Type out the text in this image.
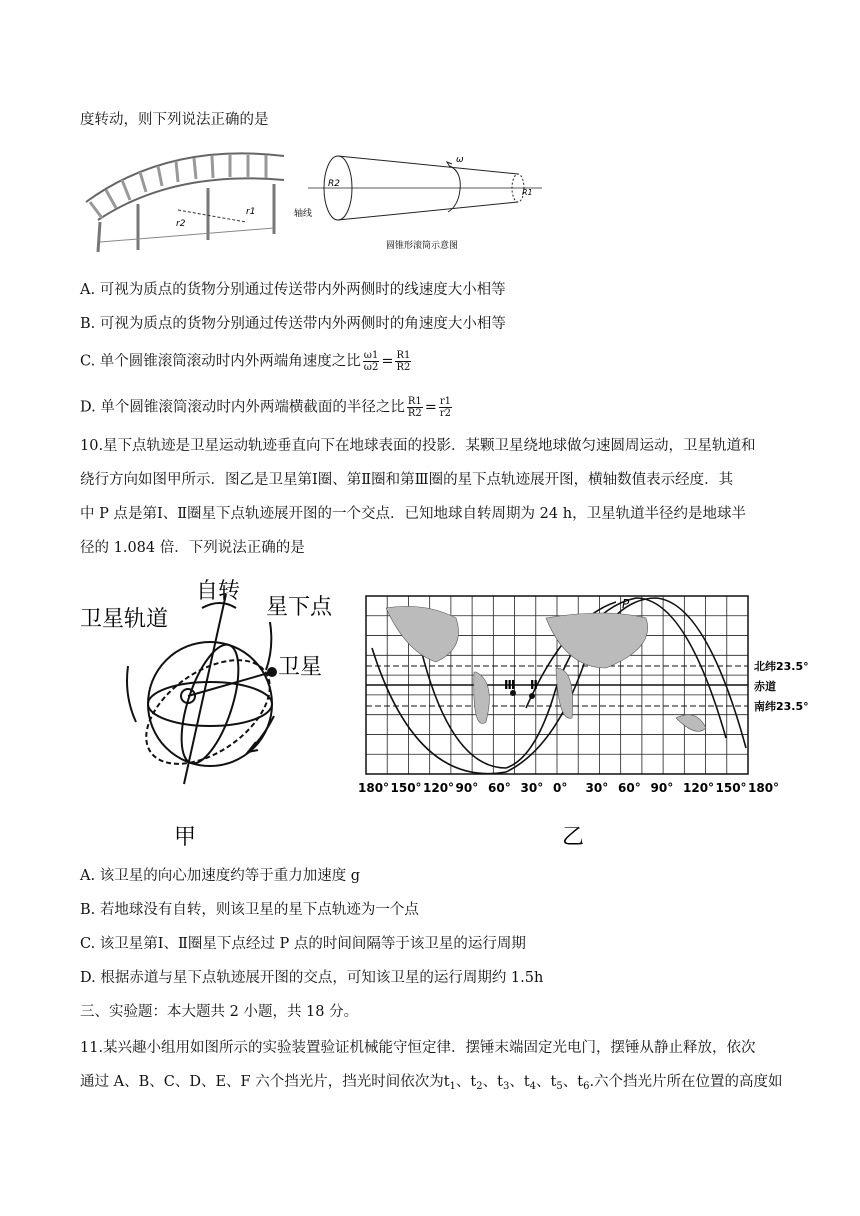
度转动，则下列说法正确的是
r2
r1
R2
R1
ω
轴线
圆锥形滚筒示意图
A. 可视为质点的货物分别通过传送带内外两侧时的线速度大小相等
B. 可视为质点的货物分别通过传送带内外两侧时的角速度大小相等
C. 单个圆锥滚筒滚动时内外两端角速度之比 $\frac{\omega 1}{\omega 2} = \frac{R1}{R2}$
D. 单个圆锥滚筒滚动时内外两端横截面的半径之比 $\frac{R1}{R2} = \frac{r1}{r2}$
10.星下点轨迹是卫星运动轨迹垂直向下在地球表面的投影．某颗卫星绕地球做匀速圆周运动，卫星轨道和
绕行方向如图甲所示．图乙是卫星第Ⅰ圈、第Ⅱ圈和第Ⅲ圈的星下点轨迹展开图，横轴数值表示经度．其
中 P 点是第Ⅰ、Ⅱ圈星下点轨迹展开图的一个交点．已知地球自转周期为 24 h，卫星轨道半径约是地球半
径的 1.084 倍．下列说法正确的是
自转
星下点
卫星轨道
卫星
甲
P
Ⅲ Ⅱ
北纬23.5°
赤道
南纬23.5°
180° 150° 120° 90° 60° 30° 0° 30° 60° 90° 120° 150° 180°
乙
A. 该卫星的向心加速度约等于重力加速度 g
B. 若地球没有自转，则该卫星的星下点轨迹为一个点
C. 该卫星第Ⅰ、Ⅱ圈星下点经过 P 点的时间间隔等于该卫星的运行周期
D. 根据赤道与星下点轨迹展开图的交点，可知该卫星的运行周期约 1.5h
三、实验题：本大题共 2 小题，共 18 分。
11.某兴趣小组用如图所示的实验装置验证机械能守恒定律．摆锤末端固定光电门，摆锤从静止释放，依次
通过 A、B、C、D、E、F 六个挡光片，挡光时间依次为$t_1$、$t_2$、$t_3$、$t_4$、$t_5$、$t_6$.六个挡光片所在位置的高度如
